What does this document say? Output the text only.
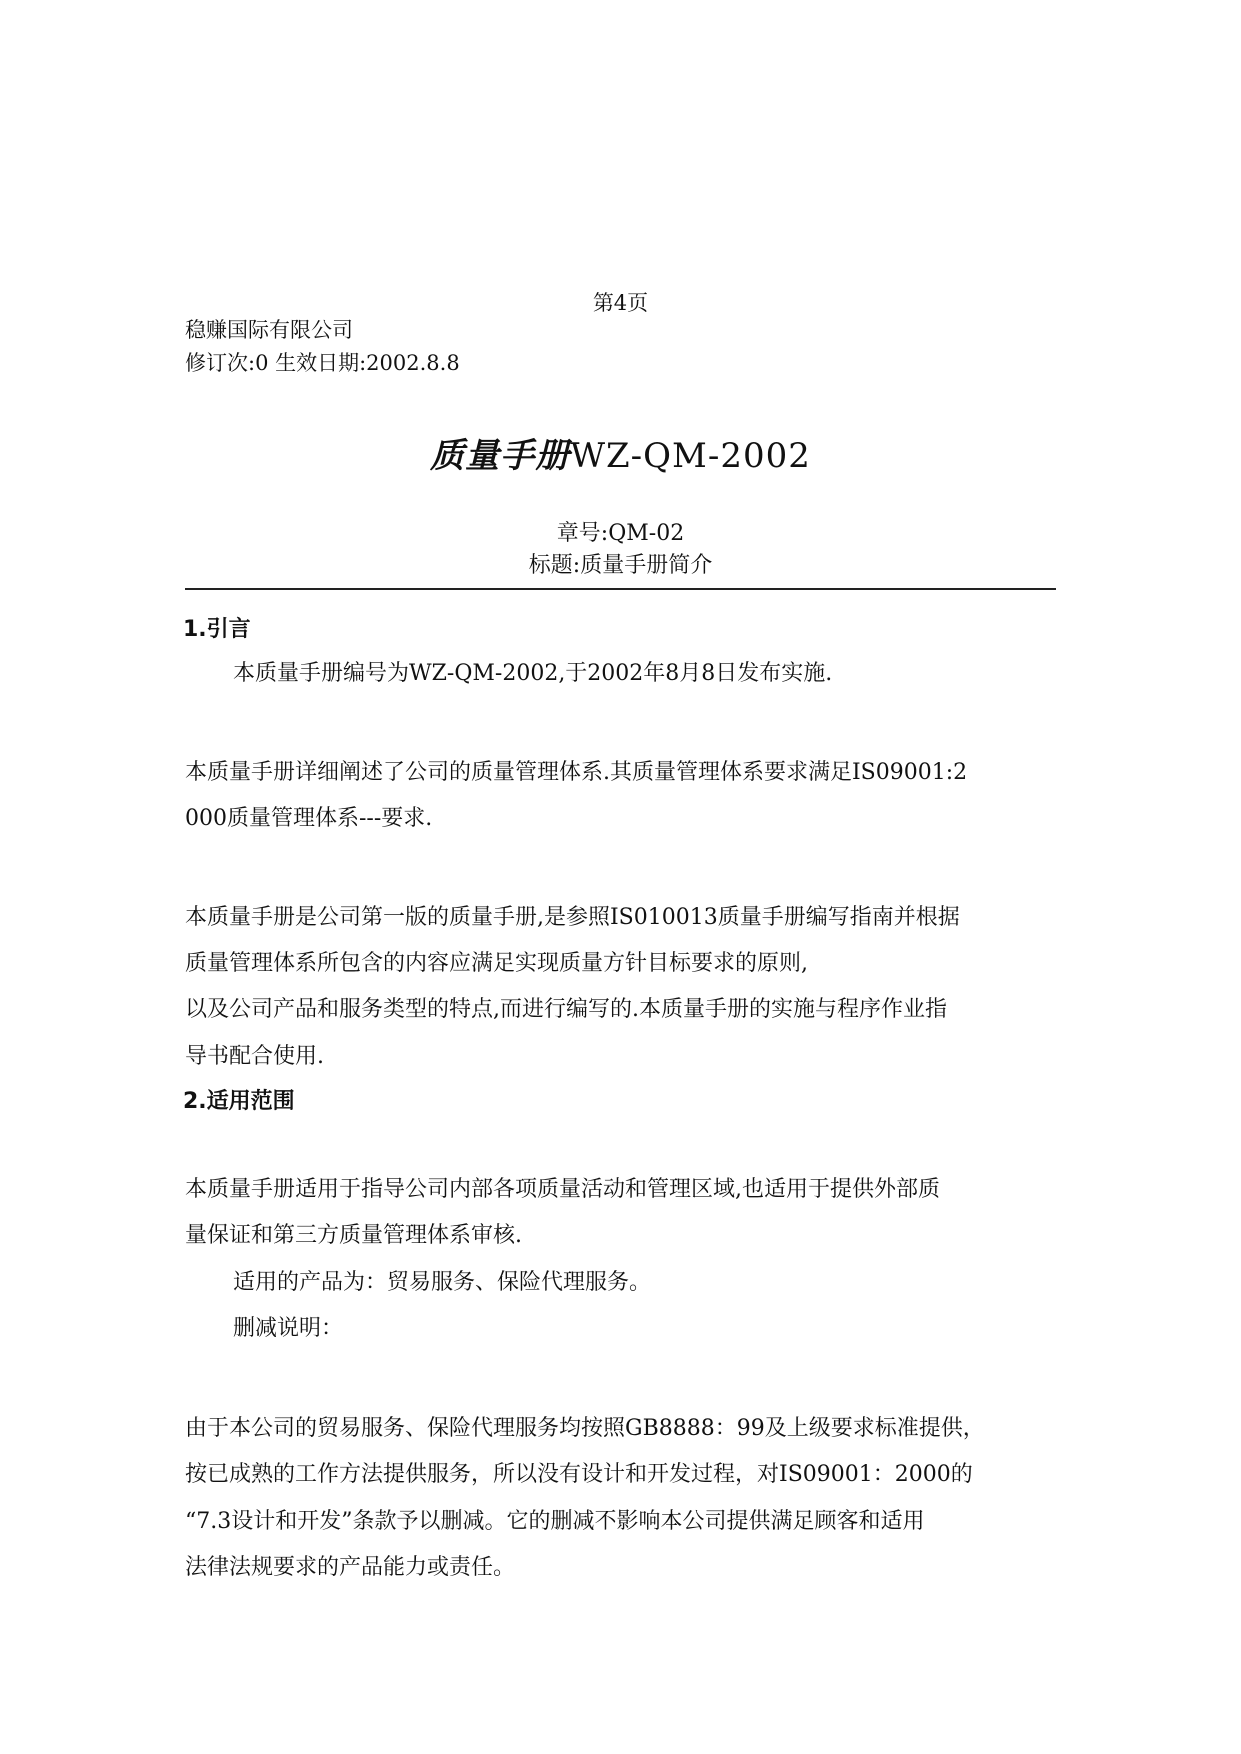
第4页
稳赚国际有限公司
修订次:0 生效日期:2002.8.8
质量手册WZ-QM-2002
章号:QM-02
标题:质量手册简介
1.引言
本质量手册编号为WZ-QM-2002,于2002年8月8日发布实施.
本质量手册详细阐述了公司的质量管理体系.其质量管理体系要求满足IS09001:2
000质量管理体系---要求.
本质量手册是公司第一版的质量手册,是参照IS010013质量手册编写指南并根据
质量管理体系所包含的内容应满足实现质量方针目标要求的原则,
以及公司产品和服务类型的特点,而进行编写的.本质量手册的实施与程序作业指
导书配合使用.
2.适用范围
本质量手册适用于指导公司内部各项质量活动和管理区域,也适用于提供外部质
量保证和第三方质量管理体系审核.
适用的产品为：贸易服务、保险代理服务。
删减说明：
由于本公司的贸易服务、保险代理服务均按照GB8888：99及上级要求标准提供，
按已成熟的工作方法提供服务，所以没有设计和开发过程，对IS09001：2000的
“7.3设计和开发”条款予以删减。它的删减不影响本公司提供满足顾客和适用
法律法规要求的产品能力或责任。
